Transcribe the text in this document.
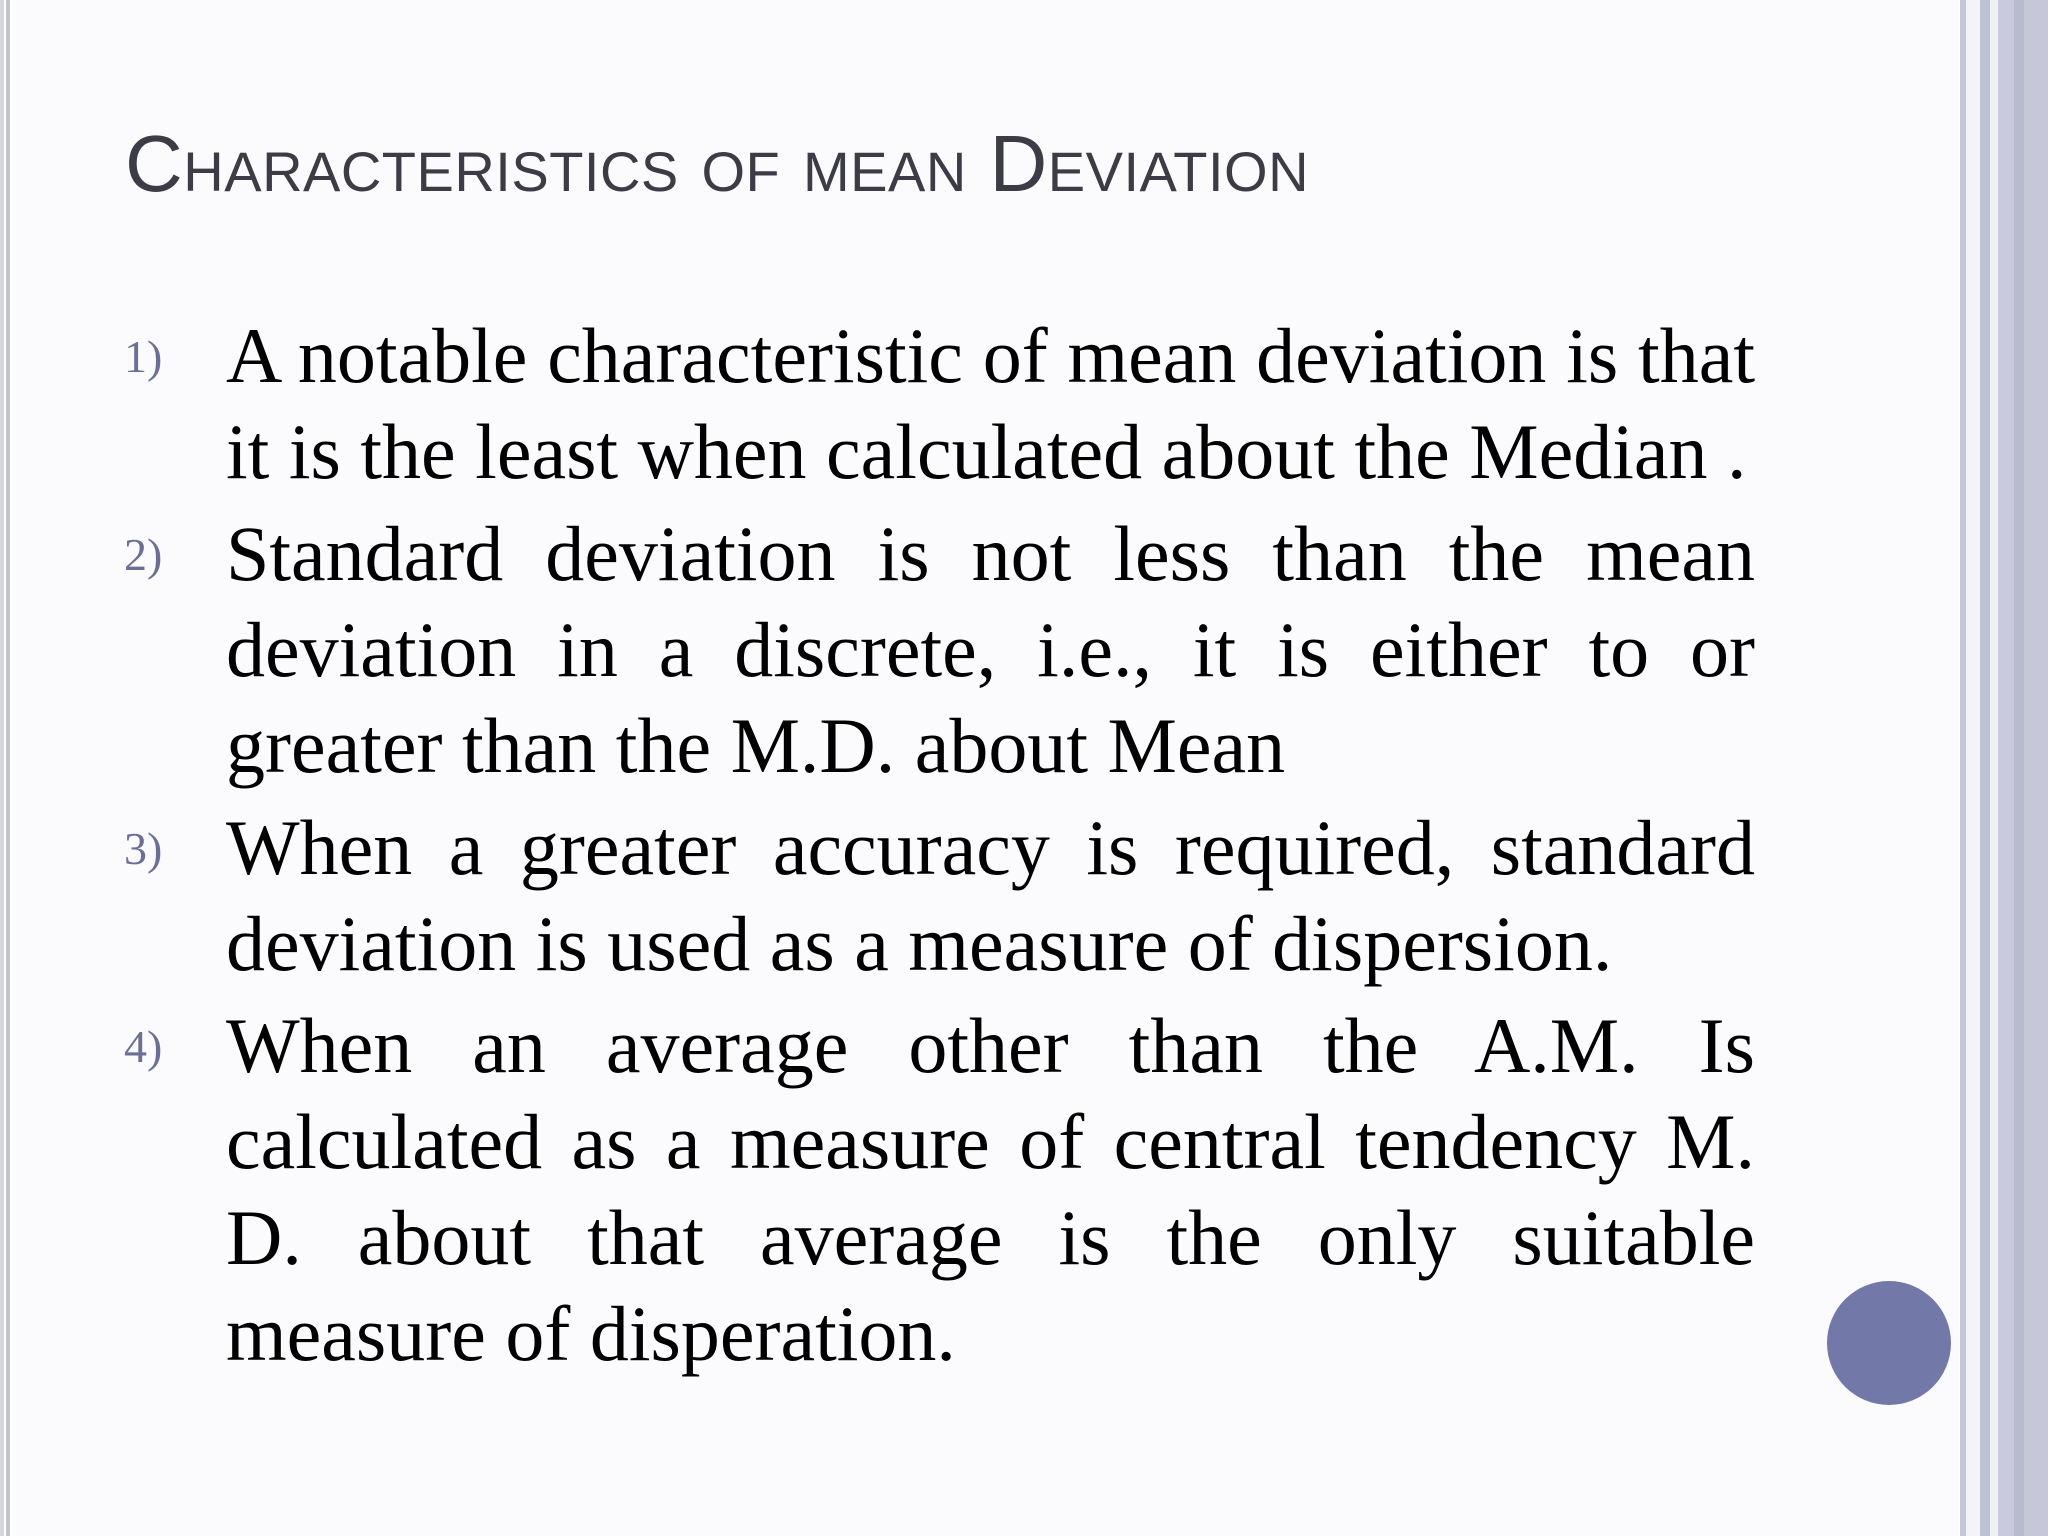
Characteristics of mean Deviation
1) A notable characteristic of mean deviation is that it is the least when calculated about the Median .
2) Standard deviation is not less than the mean deviation in a discrete, i.e., it is either to or greater than the M.D. about Mean
3) When a greater accuracy is required, standard deviation is used as a measure of dispersion.
4) When an average other than the A.M. Is calculated as a measure of central tendency M. D. about that average is the only suitable measure of disperation.
